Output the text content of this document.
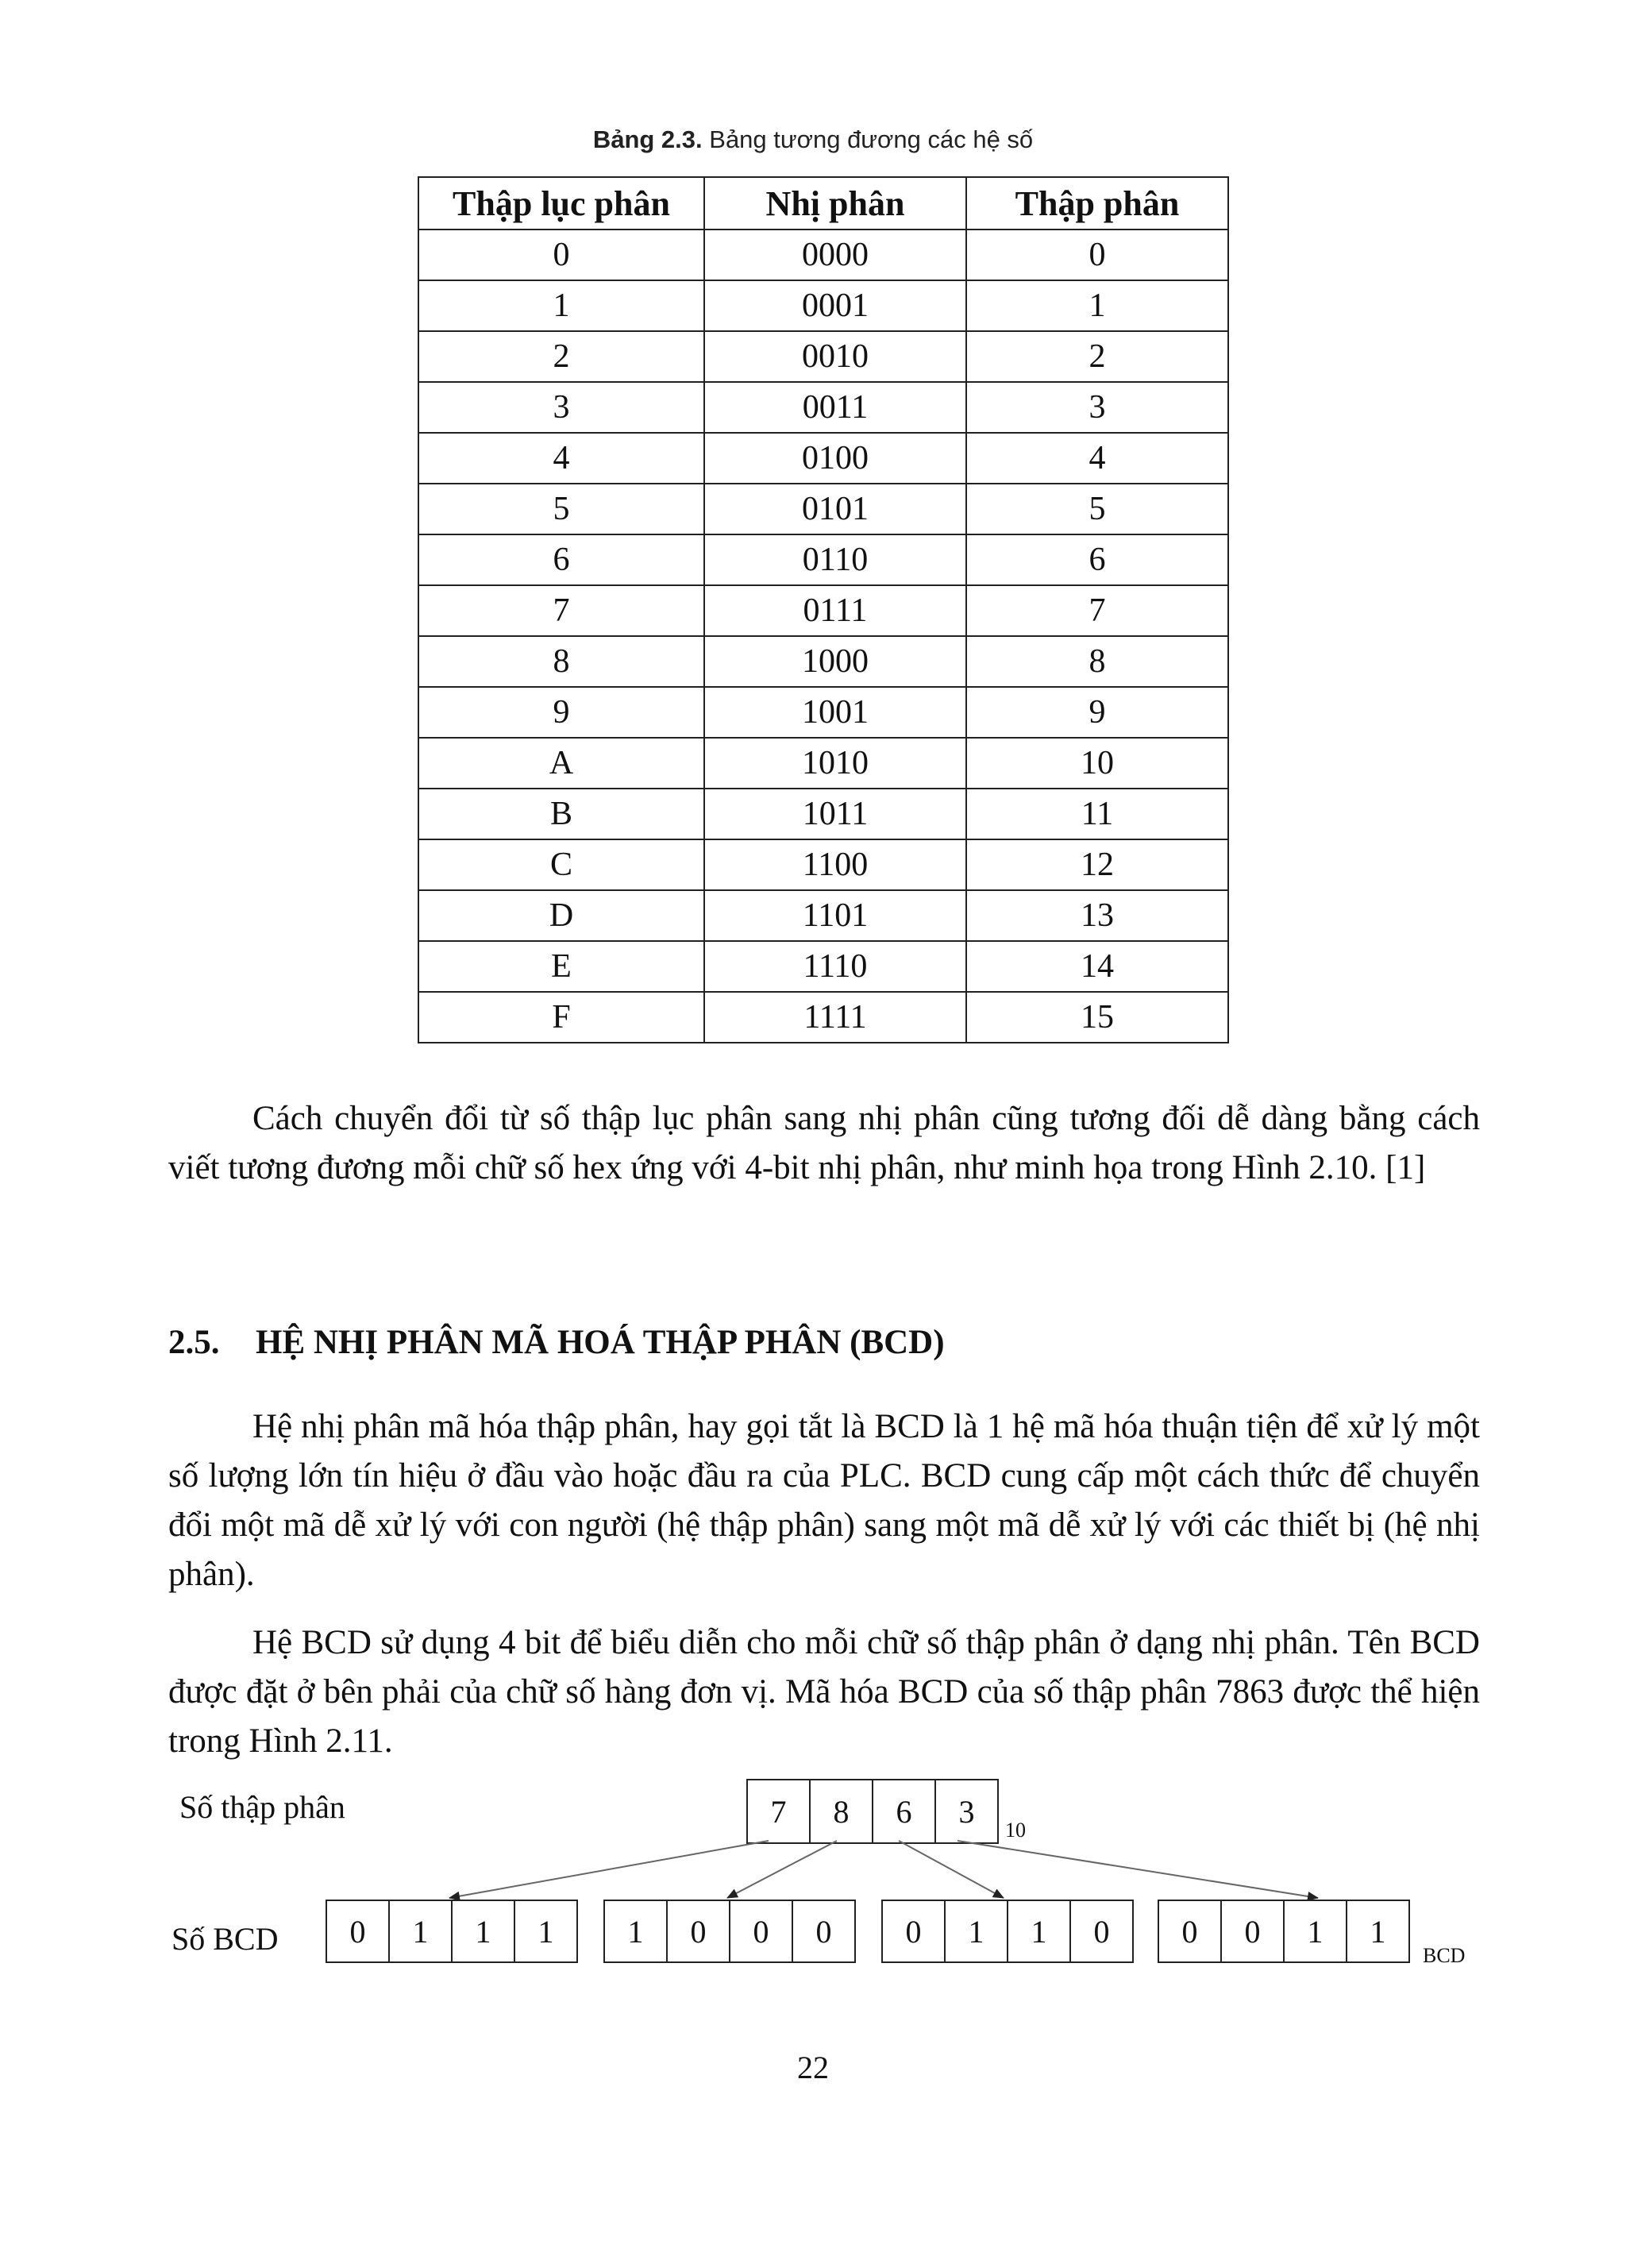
Bảng 2.3. Bảng tương đương các hệ số
Thập lục phân	Nhị phân	Thập phân
0	0000	0
1	0001	1
2	0010	2
3	0011	3
4	0100	4
5	0101	5
6	0110	6
7	0111	7
8	1000	8
9	1001	9
A	1010	10
B	1011	11
C	1100	12
D	1101	13
E	1110	14
F	1111	15
Cách chuyển đổi từ số thập lục phân sang nhị phân cũng tương đối dễ dàng bằng cách viết tương đương mỗi chữ số hex ứng với 4-bit nhị phân, như minh họa trong Hình 2.10. [1]
2.5. HỆ NHỊ PHÂN MÃ HOÁ THẬP PHÂN (BCD)
Hệ nhị phân mã hóa thập phân, hay gọi tắt là BCD là 1 hệ mã hóa thuận tiện để xử lý một số lượng lớn tín hiệu ở đầu vào hoặc đầu ra của PLC. BCD cung cấp một cách thức để chuyển đổi một mã dễ xử lý với con người (hệ thập phân) sang một mã dễ xử lý với các thiết bị (hệ nhị phân).
Hệ BCD sử dụng 4 bit để biểu diễn cho mỗi chữ số thập phân ở dạng nhị phân. Tên BCD được đặt ở bên phải của chữ số hàng đơn vị. Mã hóa BCD của số thập phân 7863 được thể hiện trong Hình 2.11.
Số thập phân
Số BCD
7	8	6	3
10
0	1	1	1	1	0	0	0	0	1	1	0	0	0	1	1
BCD
22
